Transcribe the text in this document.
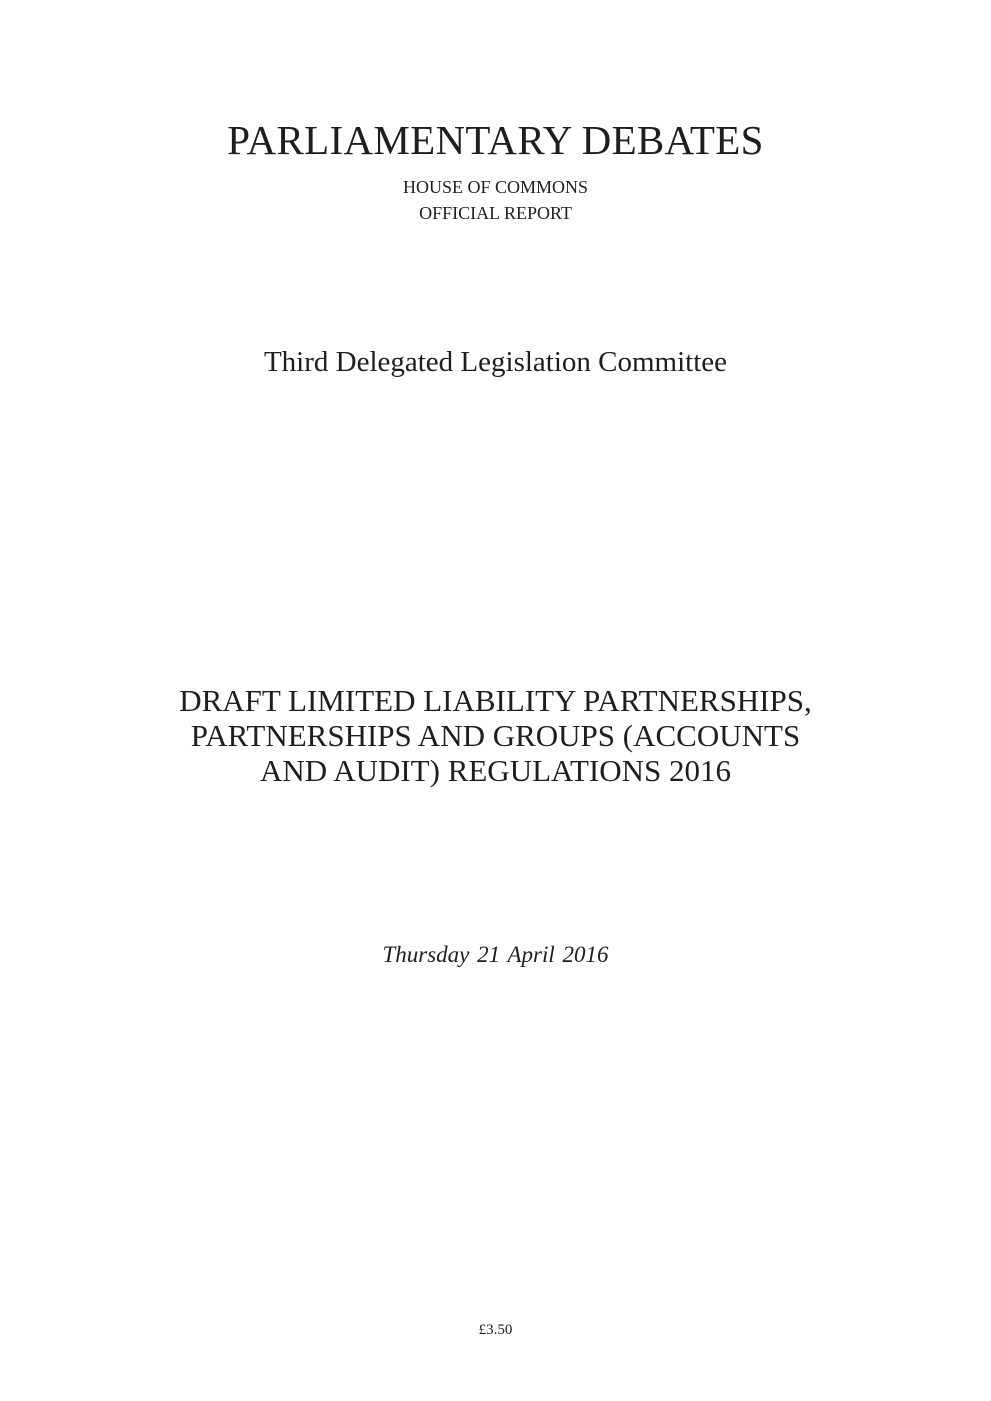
PARLIAMENTARY DEBATES
HOUSE OF COMMONS
OFFICIAL REPORT
Third Delegated Legislation Committee
DRAFT LIMITED LIABILITY PARTNERSHIPS,
PARTNERSHIPS AND GROUPS (ACCOUNTS
AND AUDIT) REGULATIONS 2016
Thursday 21 April 2016
£3.50
